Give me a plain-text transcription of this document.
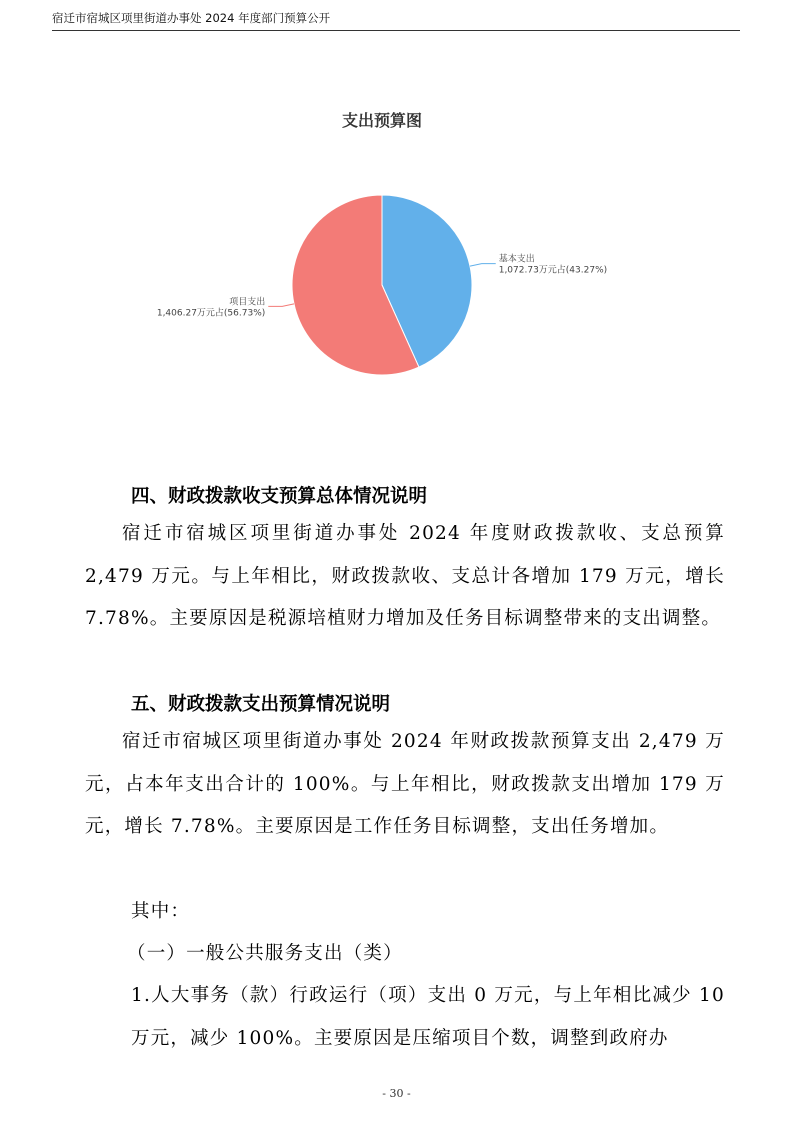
宿迁市宿城区项里街道办事处 2024 年度部门预算公开
支出预算图
基本支出
1,072.73万元占(43.27%)
项目支出
1,406.27万元占(56.73%)
四、财政拨款收支预算总体情况说明

宿迁市宿城区项里街道办事处 2024 年度财政拨款收、支总预算 2,479 万元。与上年相比，财政拨款收、支总计各增加 179 万元，增长 7.78%。主要原因是税源培植财力增加及任务目标调整带来的支出调整。

五、财政拨款支出预算情况说明

宿迁市宿城区项里街道办事处 2024 年财政拨款预算支出 2,479 万元，占本年支出合计的 100%。与上年相比，财政拨款支出增加 179 万元，增长 7.78%。主要原因是工作任务目标调整，支出任务增加。

其中：

（一）一般公共服务支出（类）

1.人大事务（款）行政运行（项）支出 0 万元，与上年相比减少 10 万元，减少 100%。主要原因是压缩项目个数，调整到政府办

- 30 -
